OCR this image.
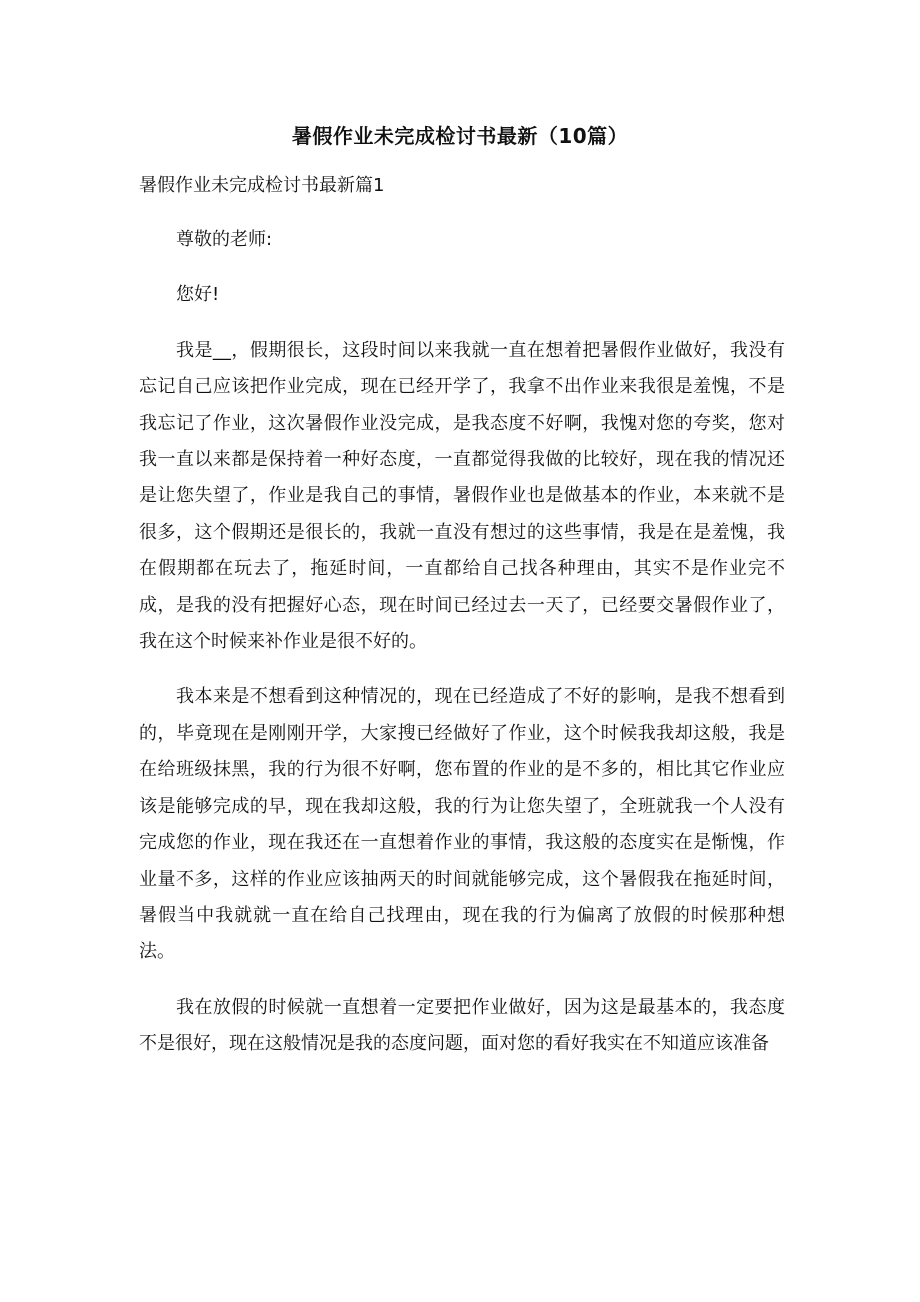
暑假作业未完成检讨书最新（10篇）
暑假作业未完成检讨书最新篇1

尊敬的老师:

您好!

我是__，假期很长，这段时间以来我就一直在想着把暑假作业做好，我没有忘记自己应该把作业完成，现在已经开学了，我拿不出作业来我很是羞愧，不是我忘记了作业，这次暑假作业没完成，是我态度不好啊，我愧对您的夸奖，您对我一直以来都是保持着一种好态度，一直都觉得我做的比较好，现在我的情况还是让您失望了，作业是我自己的事情，暑假作业也是做基本的作业，本来就不是很多，这个假期还是很长的，我就一直没有想过的这些事情，我是在是羞愧，我在假期都在玩去了，拖延时间，一直都给自己找各种理由，其实不是作业完不成，是我的没有把握好心态，现在时间已经过去一天了，已经要交暑假作业了，我在这个时候来补作业是很不好的。

我本来是不想看到这种情况的，现在已经造成了不好的影响，是我不想看到的，毕竟现在是刚刚开学，大家搜已经做好了作业，这个时候我我却这般，我是在给班级抹黑，我的行为很不好啊，您布置的作业的是不多的，相比其它作业应该是能够完成的早，现在我却这般，我的行为让您失望了，全班就我一个人没有完成您的作业，现在我还在一直想着作业的事情，我这般的态度实在是惭愧，作业量不多，这样的作业应该抽两天的时间就能够完成，这个暑假我在拖延时间，暑假当中我就就一直在给自己找理由，现在我的行为偏离了放假的时候那种想法。

我在放假的时候就一直想着一定要把作业做好，因为这是最基本的，我态度不是很好，现在这般情况是我的态度问题，面对您的看好我实在不知道应该准备
